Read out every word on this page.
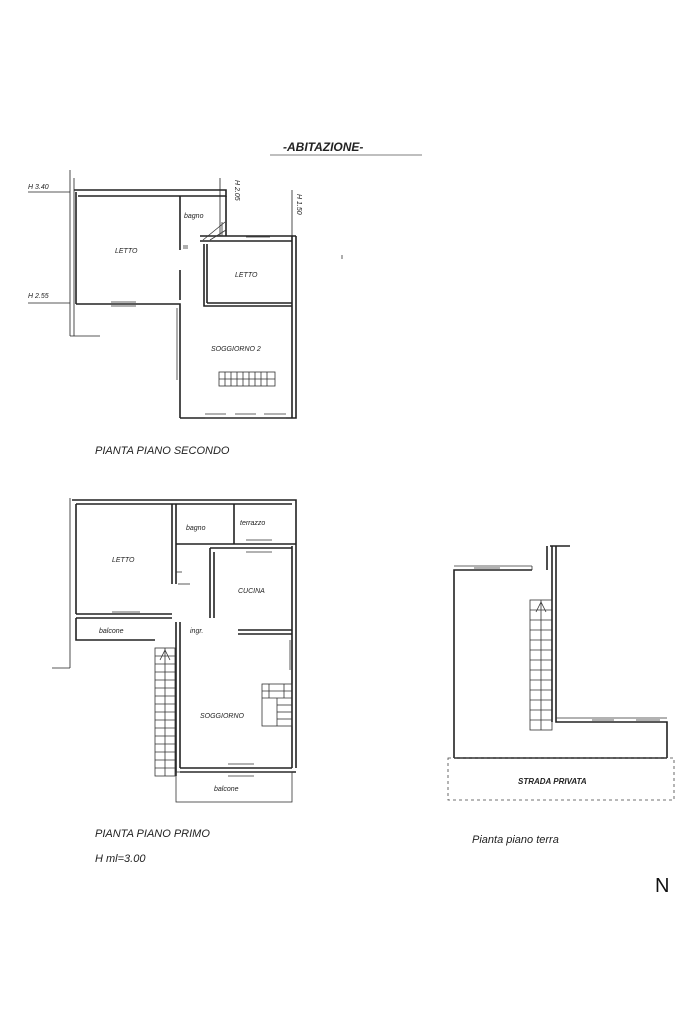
-ABITAZIONE-
H 3.40
H 2.55
H 2.05
H 1.50
LETTO
bagno
LETTO
SOGGIORNO 2
PIANTA PIANO SECONDO
LETTO
bagno
terrazzo
CUCINA
ingr.
balcone
SOGGIORNO
balcone
PIANTA PIANO PRIMO
H ml=3.00
STRADA PRIVATA
Pianta piano terra
N
